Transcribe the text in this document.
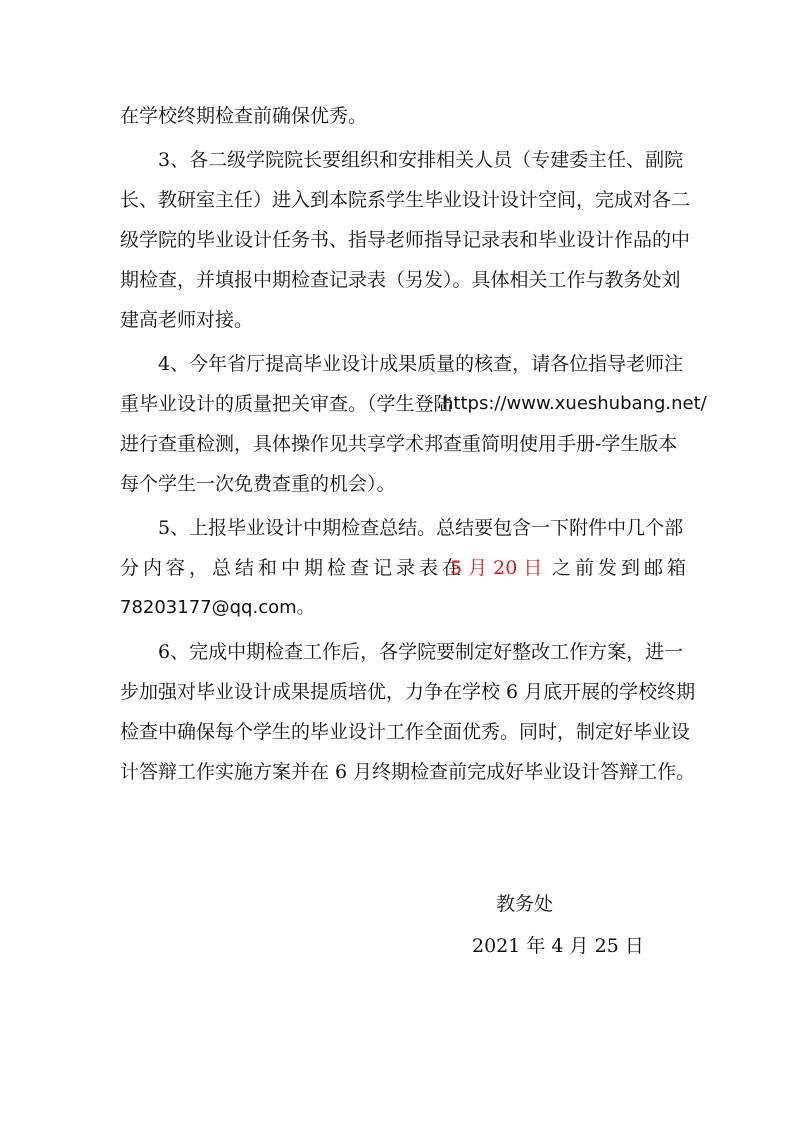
在学校终期检查前确保优秀。
3、各二级学院院长要组织和安排相关人员（专建委主任、副院
长、教研室主任）进入到本院系学生毕业设计设计空间，完成对各二
级学院的毕业设计任务书、指导老师指导记录表和毕业设计作品的中
期检查，并填报中期检查记录表（另发）。具体相关工作与教务处刘
建高老师对接。
4、今年省厅提高毕业设计成果质量的核查，请各位指导老师注
重毕业设计的质量把关审查。（学生登陆
https://www.xueshubang.net/
进行查重检测，具体操作见共享学术邦查重简明使用手册-学生版本
每个学生一次免费查重的机会）。
5、上报毕业设计中期检查总结。总结要包含一下附件中几个部
分内容，总结和中期检查记录表在
5 月 20 日 之前发到邮箱
78203177@qq.com。
6、完成中期检查工作后，各学院要制定好整改工作方案，进一
步加强对毕业设计成果提质培优，力争在学校 6 月底开展的学校终期
检查中确保每个学生的毕业设计工作全面优秀。同时，制定好毕业设
计答辩工作实施方案并在 6 月终期检查前完成好毕业设计答辩工作。
教务处
2021 年 4 月 25 日
